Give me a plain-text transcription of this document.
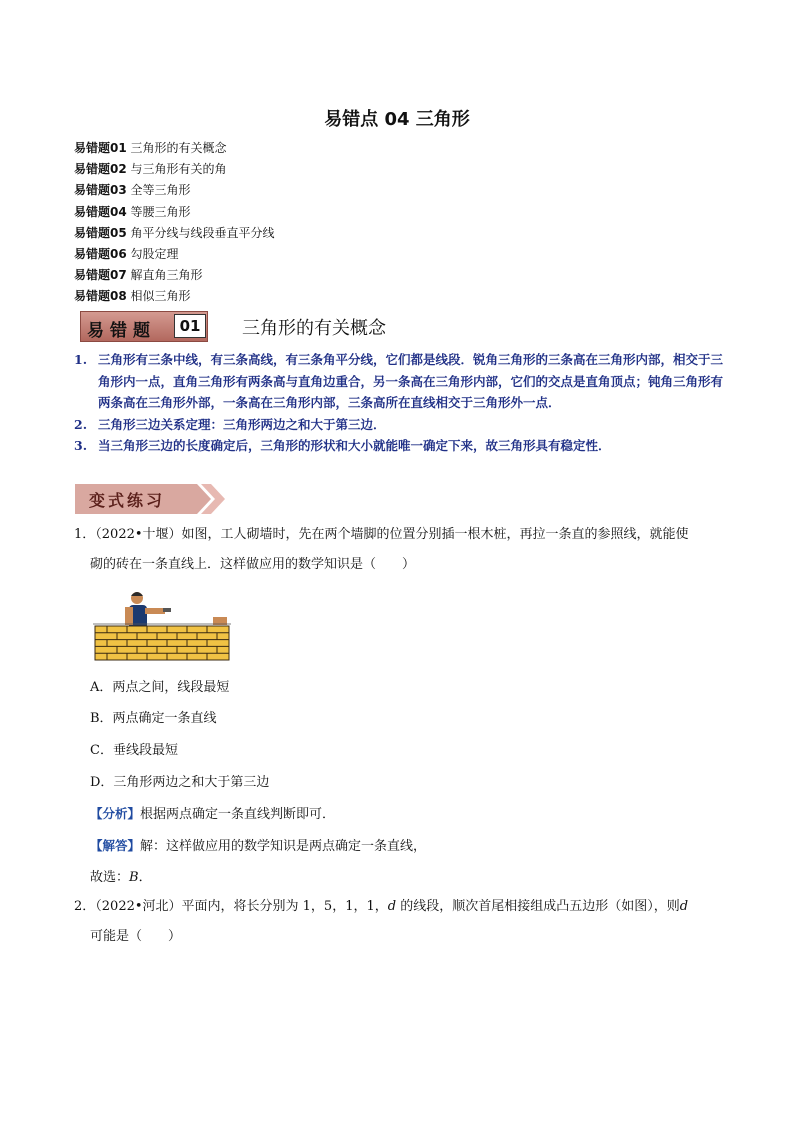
易错点 04 三角形
易错题01 三角形的有关概念
易错题02 与三角形有关的角
易错题03 全等三角形
易错题04 等腰三角形
易错题05 角平分线与线段垂直平分线
易错题06 勾股定理
易错题07 解直角三角形
易错题08 相似三角形
易错题	01	三角形的有关概念
1. 三角形有三条中线，有三条高线，有三条角平分线，它们都是线段．锐角三角形的三条高在三角形内部，相交于三角形内一点，直角三角形有两条高与直角边重合，另一条高在三角形内部，它们的交点是直角顶点；钝角三角形有两条高在三角形外部，一条高在三角形内部，三条高所在直线相交于三角形外一点．
2. 三角形三边关系定理：三角形两边之和大于第三边．
3. 当三角形三边的长度确定后，三角形的形状和大小就能唯一确定下来，故三角形具有稳定性．
变式练习
1．（2022•十堰）如图，工人砌墙时，先在两个墙脚的位置分别插一根木桩，再拉一条直的参照线，就能使
砌的砖在一条直线上．这样做应用的数学知识是（　　）
A．两点之间，线段最短
B．两点确定一条直线
C．垂线段最短
D．三角形两边之和大于第三边
【分析】根据两点确定一条直线判断即可．
【解答】解：这样做应用的数学知识是两点确定一条直线，
故选：B．
2．（2022•河北）平面内，将长分别为 1，5，1，1，d 的线段，顺次首尾相接组成凸五边形（如图），则d
可能是（　　）
